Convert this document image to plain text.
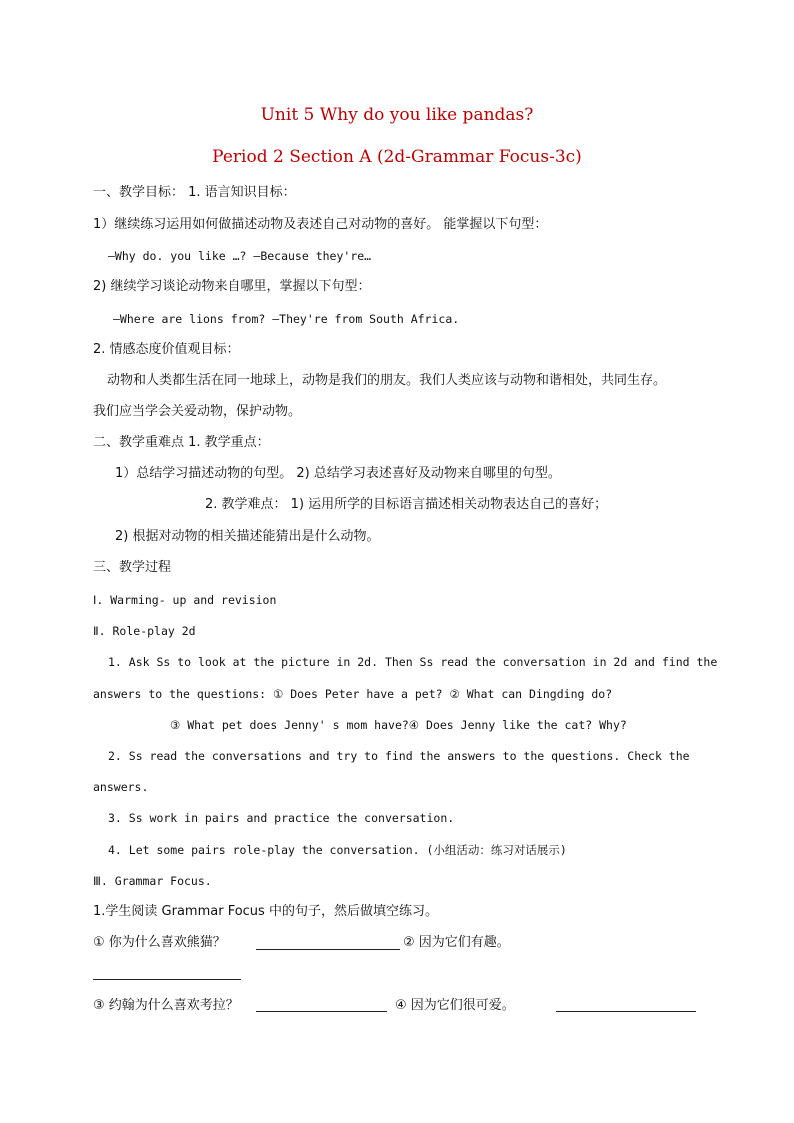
Unit 5 Why do you like pandas?
Period 2 Section A (2d-Grammar Focus-3c)
一、教学目标： 1. 语言知识目标：
1）继续练习运用如何做描述动物及表述自己对动物的喜好。 能掌握以下句型：
—Why do. you like …? —Because they're…
2) 继续学习谈论动物来自哪里，掌握以下句型：
—Where are lions from? —They're from South Africa.
2. 情感态度价值观目标：
动物和人类都生活在同一地球上，动物是我们的朋友。我们人类应该与动物和谐相处，共同生存。
我们应当学会关爱动物，保护动物。
二、教学重难点 1. 教学重点：
1）总结学习描述动物的句型。 2) 总结学习表述喜好及动物来自哪里的句型。
2. 教学难点： 1) 运用所学的目标语言描述相关动物表达自己的喜好；
2) 根据对动物的相关描述能猜出是什么动物。
三、教学过程
Ⅰ. Warming- up and revision
Ⅱ. Role-play 2d
1. Ask Ss to look at the picture in 2d. Then Ss read the conversation in 2d and find the
answers to the questions: ① Does Peter have a pet? ② What can Dingding do?
③ What pet does Jenny' s mom have?④ Does Jenny like the cat? Why?
2. Ss read the conversations and try to find the answers to the questions. Check the
answers.
3. Ss work in pairs and practice the conversation.
4. Let some pairs role-play the conversation. (小组活动：练习对话展示)
Ⅲ. Grammar Focus.
1.学生阅读 Grammar Focus 中的句子，然后做填空练习。
① 你为什么喜欢熊猫？	② 因为它们有趣。
③ 约翰为什么喜欢考拉？	④ 因为它们很可爱。
